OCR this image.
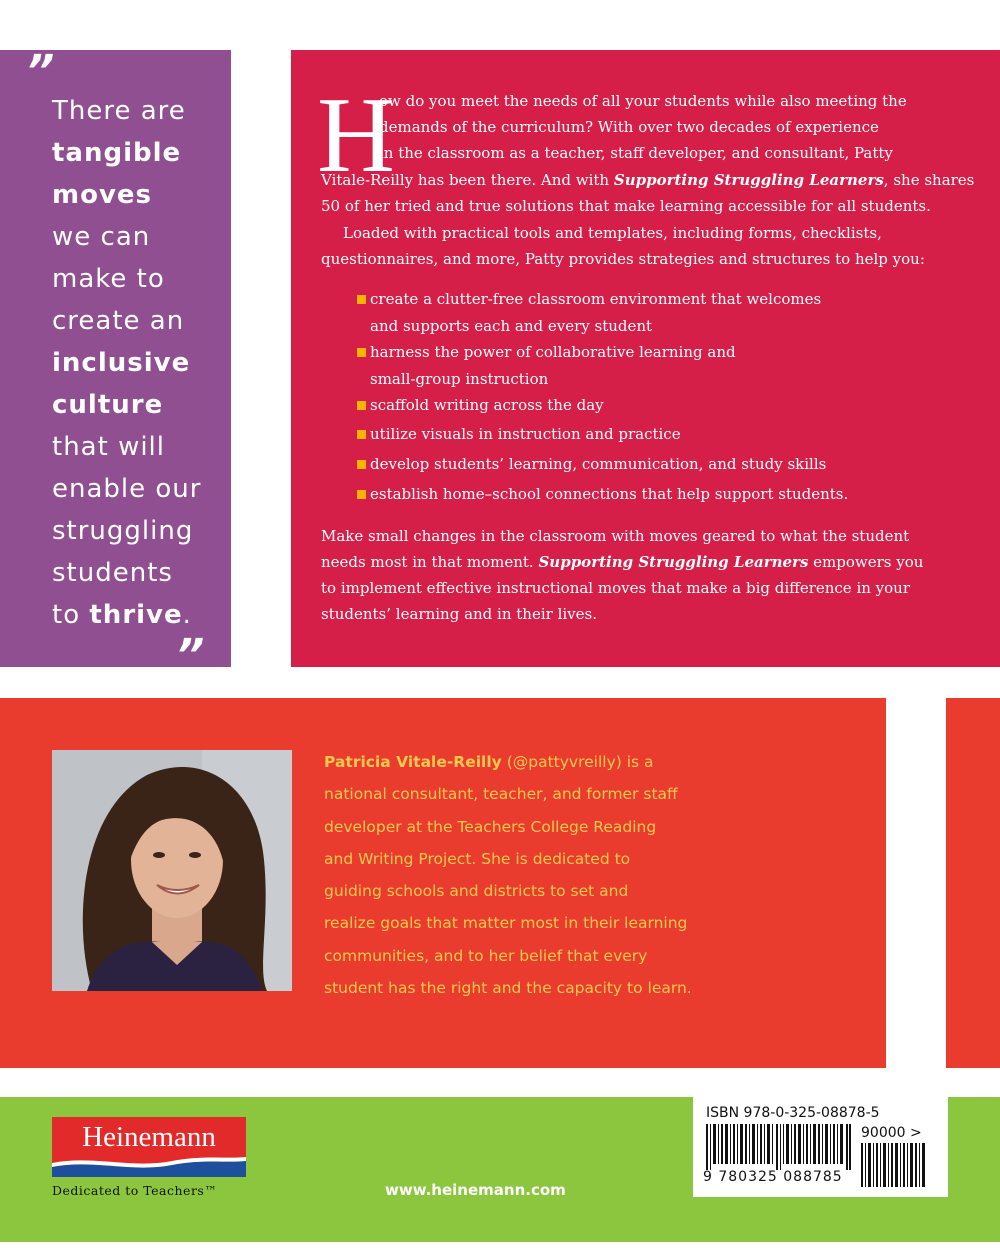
”
There are
tangible
moves
we can
make to
create an
inclusive
culture
that will
enable our
struggling
students
to thrive.
”
H
ow do you meet the needs of all your students while also meeting the
demands of the curriculum? With over two decades of experience
in the classroom as a teacher, staff developer, and consultant, Patty
Vitale-Reilly has been there. And with Supporting Struggling Learners, she shares
50 of her tried and true solutions that make learning accessible for all students.
Loaded with practical tools and templates, including forms, checklists,
questionnaires, and more, Patty provides strategies and structures to help you:
create a clutter-free classroom environment that welcomes
and supports each and every student
harness the power of collaborative learning and
small-group instruction
scaffold writing across the day
utilize visuals in instruction and practice
develop students’ learning, communication, and study skills
establish home–school connections that help support students.
Make small changes in the classroom with moves geared to what the student
needs most in that moment. Supporting Struggling Learners empowers you
to implement effective instructional moves that make a big difference in your
students’ learning and in their lives.
Patricia Vitale-Reilly (@pattyvreilly) is a
national consultant, teacher, and former staff
developer at the Teachers College Reading
and Writing Project. She is dedicated to
guiding schools and districts to set and
realize goals that matter most in their learning
communities, and to her belief that every
student has the right and the capacity to learn.
Heinemann
Dedicated to Teachers™	www.heinemann.com
ISBN 978-0-325-08878-5
90000 >
9 780325 088785
